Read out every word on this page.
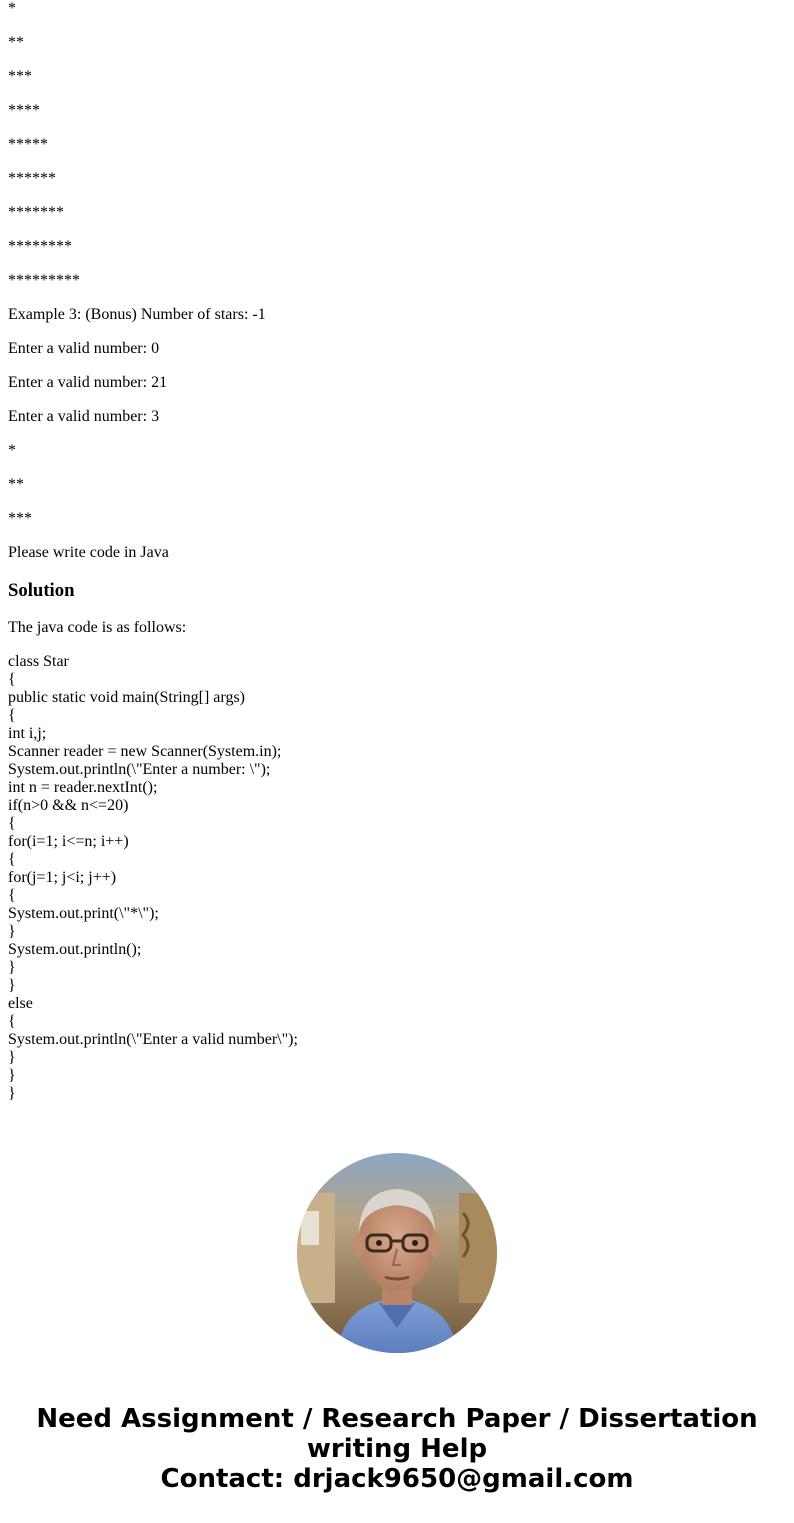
*

**

***

****

*****

******

*******

********

*********

Example 3: (Bonus) Number of stars: -1

Enter a valid number: 0

Enter a valid number: 21

Enter a valid number: 3

*

**

***

Please write code in Java

Solution

The java code is as follows:

class Star
{
public static void main(String[] args)
{
int i,j;
Scanner reader = new Scanner(System.in);
System.out.println(\"Enter a number: \");
int n = reader.nextInt();
if(n>0 && n<=20)
{
for(i=1; i<=n; i++)
{
for(j=1; j<i; j++)
{
System.out.print(\"*\");
}
System.out.println();
}
}
else
{
System.out.println(\"Enter a valid number\");
}
}
}
Need Assignment / Research Paper / Dissertation
writing Help
Contact: drjack9650@gmail.com
